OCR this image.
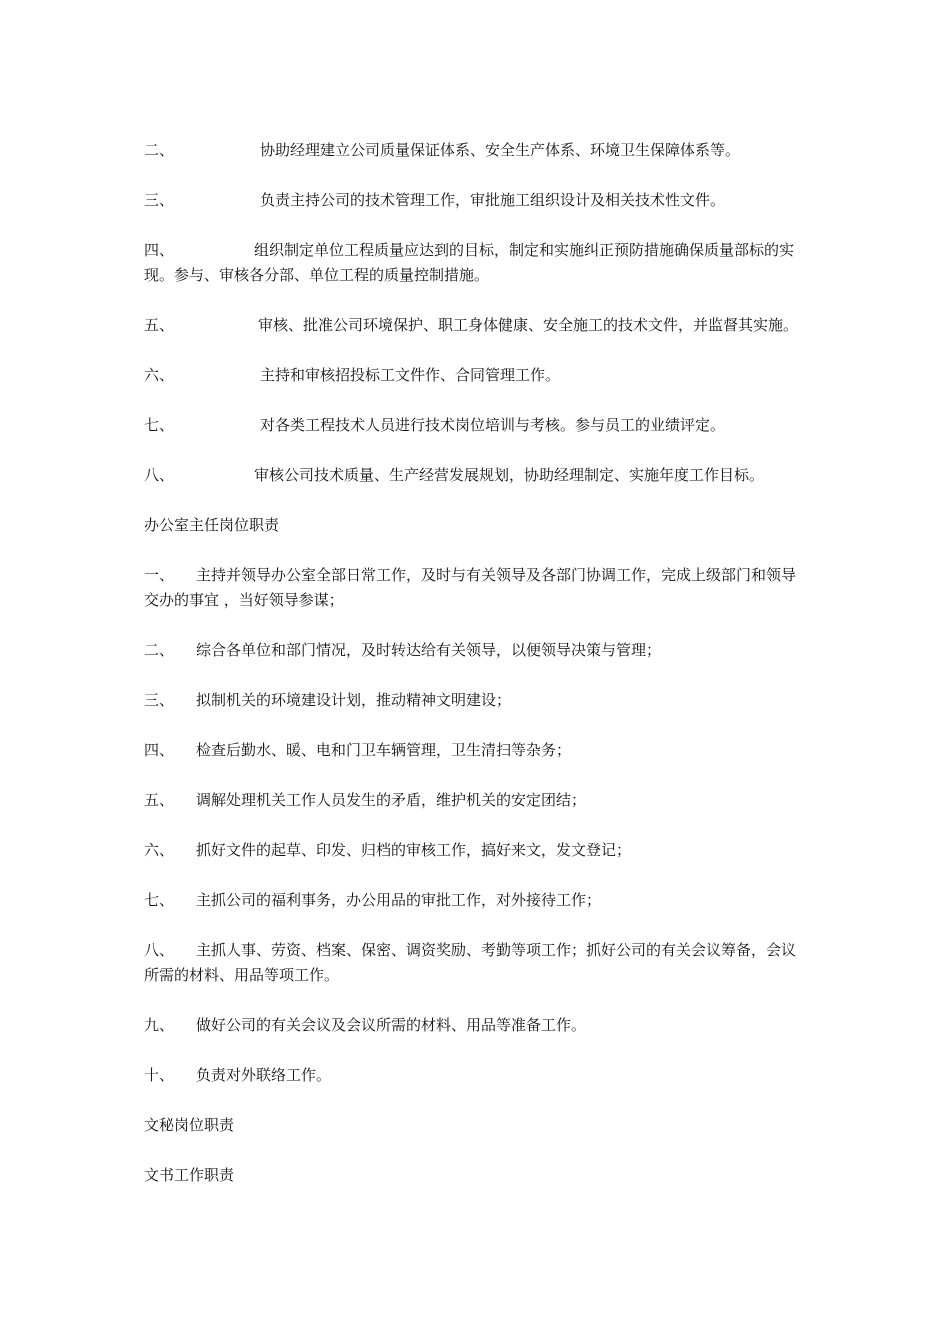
二、	协助经理建立公司质量保证体系、安全生产体系、环境卫生保障体系等。
三、	负责主持公司的技术管理工作，审批施工组织设计及相关技术性文件。
四、	组织制定单位工程质量应达到的目标，制定和实施纠正预防措施确保质量部标的实现。参与、审核各分部、单位工程的质量控制措施。
五、	审核、批准公司环境保护、职工身体健康、安全施工的技术文件，并监督其实施。
六、	主持和审核招投标工文件作、合同管理工作。
七、	对各类工程技术人员进行技术岗位培训与考核。参与员工的业绩评定。
八、	审核公司技术质量、生产经营发展规划，协助经理制定、实施年度工作目标。
办公室主任岗位职责
一、	主持并领导办公室全部日常工作，及时与有关领导及各部门协调工作，完成上级部门和领导交办的事宜 ，当好领导参谋；
二、	综合各单位和部门情况，及时转达给有关领导，以便领导决策与管理；
三、	拟制机关的环境建设计划，推动精神文明建设；
四、	检查后勤水、暖、电和门卫车辆管理，卫生清扫等杂务；
五、	调解处理机关工作人员发生的矛盾，维护机关的安定团结；
六、	抓好文件的起草、印发、归档的审核工作，搞好来文，发文登记；
七、	主抓公司的福利事务，办公用品的审批工作，对外接待工作；
八、	主抓人事、劳资、档案、保密、调资奖励、考勤等项工作；抓好公司的有关会议筹备，会议所需的材料、用品等项工作。
九、	做好公司的有关会议及会议所需的材料、用品等准备工作。
十、	负责对外联络工作。
文秘岗位职责
文书工作职责
